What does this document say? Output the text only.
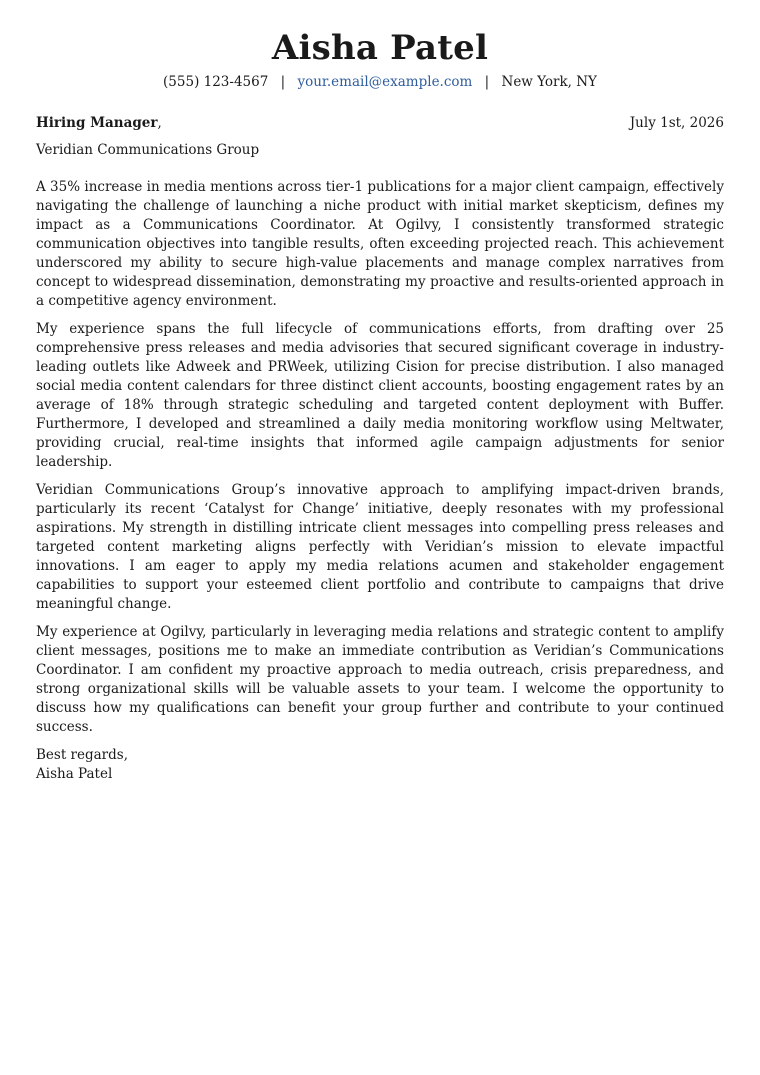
Aisha Patel
(555) 123-4567 | your.email@example.com | New York, NY
Hiring Manager,	July 1st, 2026
Veridian Communications Group

A 35% increase in media mentions across tier-1 publications for a major client campaign, effectively navigating the challenge of launching a niche product with initial market skepticism, defines my impact as a Communications Coordinator. At Ogilvy, I consistently transformed strategic communication objectives into tangible results, often exceeding projected reach. This achievement underscored my ability to secure high-value placements and manage complex narratives from concept to widespread dissemination, demonstrating my proactive and results-oriented approach in a competitive agency environment.

My experience spans the full lifecycle of communications efforts, from drafting over 25 comprehensive press releases and media advisories that secured significant coverage in industry-leading outlets like Adweek and PRWeek, utilizing Cision for precise distribution. I also managed social media content calendars for three distinct client accounts, boosting engagement rates by an average of 18% through strategic scheduling and targeted content deployment with Buffer. Furthermore, I developed and streamlined a daily media monitoring workflow using Meltwater, providing crucial, real-time insights that informed agile campaign adjustments for senior leadership.

Veridian Communications Group’s innovative approach to amplifying impact-driven brands, particularly its recent ‘Catalyst for Change’ initiative, deeply resonates with my professional aspirations. My strength in distilling intricate client messages into compelling press releases and targeted content marketing aligns perfectly with Veridian’s mission to elevate impactful innovations. I am eager to apply my media relations acumen and stakeholder engagement capabilities to support your esteemed client portfolio and contribute to campaigns that drive meaningful change.

My experience at Ogilvy, particularly in leveraging media relations and strategic content to amplify client messages, positions me to make an immediate contribution as Veridian’s Communications Coordinator. I am confident my proactive approach to media outreach, crisis preparedness, and strong organizational skills will be valuable assets to your team. I welcome the opportunity to discuss how my qualifications can benefit your group further and contribute to your continued success.

Best regards,
Aisha Patel
